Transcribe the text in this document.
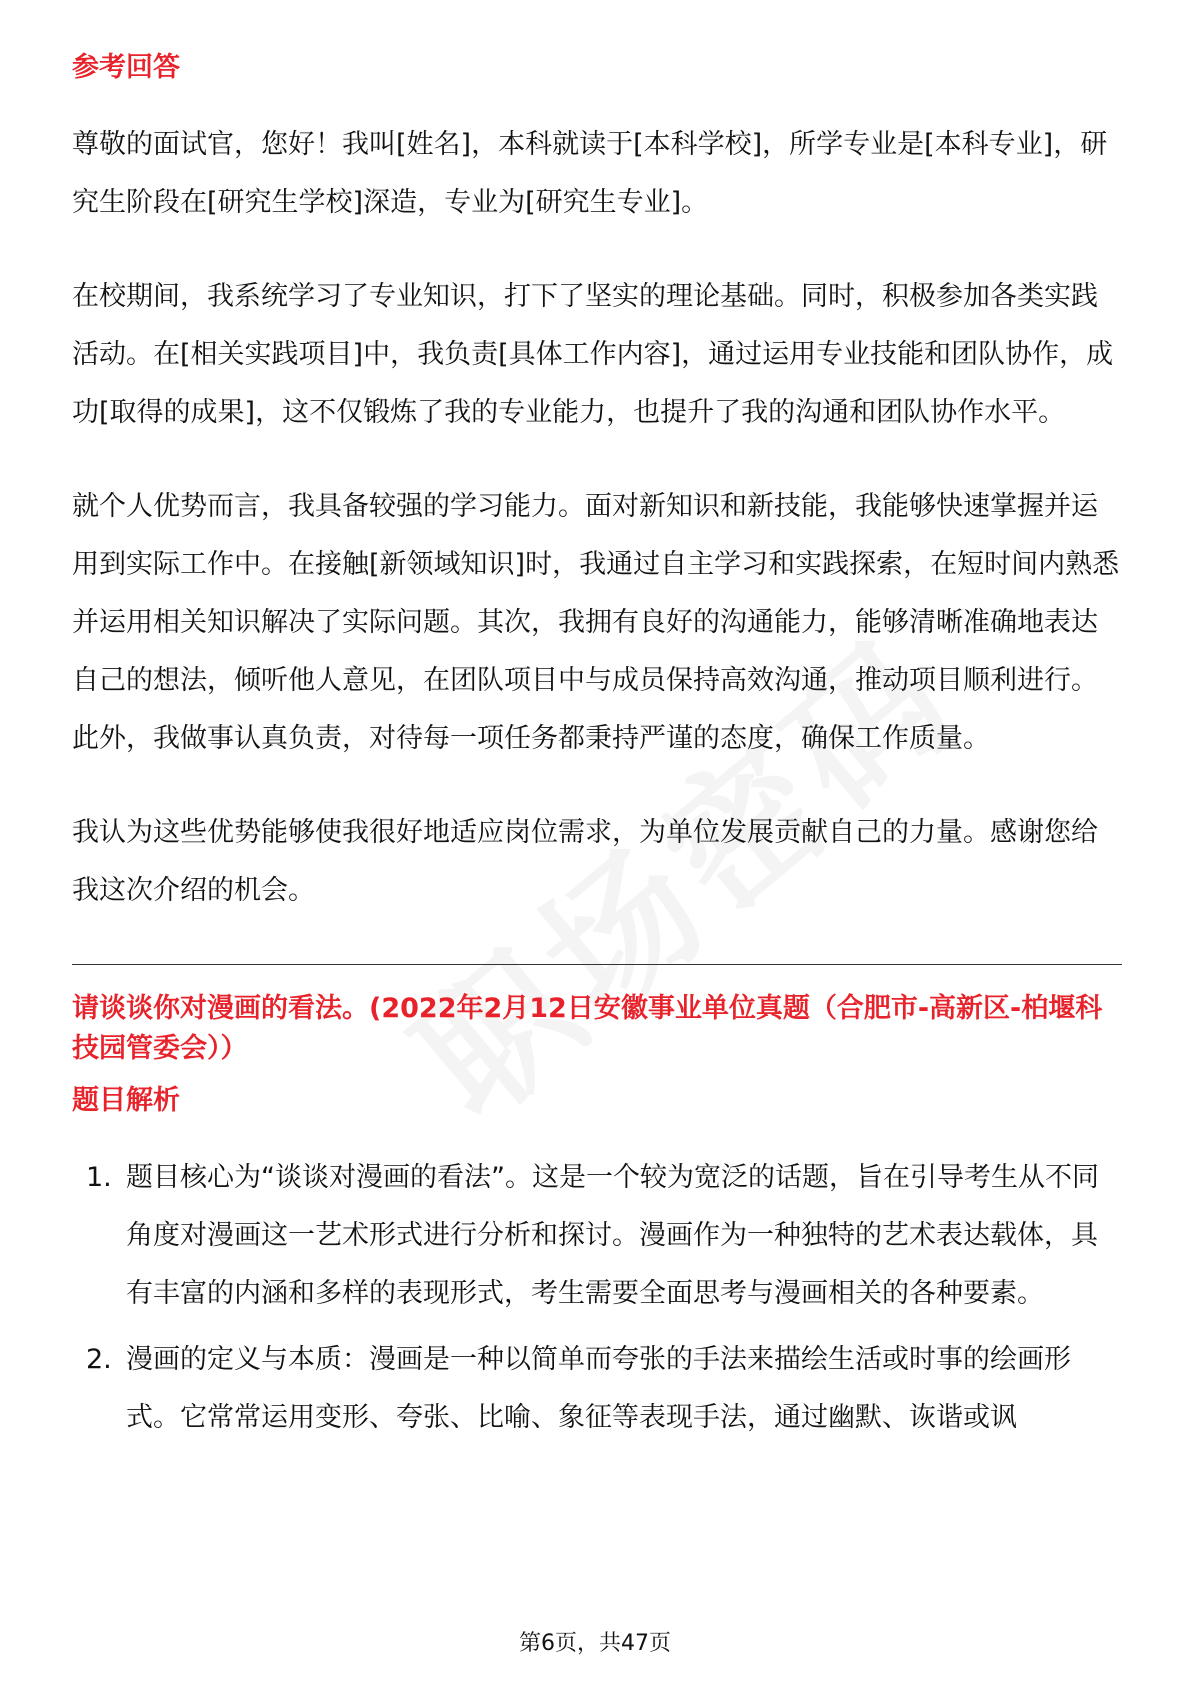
参考回答

尊敬的面试官，您好！我叫[姓名]，本科就读于[本科学校]，所学专业是[本科专业]，研究生阶段在[研究生学校]深造，专业为[研究生专业]。

在校期间，我系统学习了专业知识，打下了坚实的理论基础。同时，积极参加各类实践活动。在[相关实践项目]中，我负责[具体工作内容]，通过运用专业技能和团队协作，成功[取得的成果]，这不仅锻炼了我的专业能力，也提升了我的沟通和团队协作水平。

就个人优势而言，我具备较强的学习能力。面对新知识和新技能，我能够快速掌握并运用到实际工作中。在接触[新领域知识]时，我通过自主学习和实践探索，在短时间内熟悉并运用相关知识解决了实际问题。其次，我拥有良好的沟通能力，能够清晰准确地表达自己的想法，倾听他人意见，在团队项目中与成员保持高效沟通，推动项目顺利进行。此外，我做事认真负责，对待每一项任务都秉持严谨的态度，确保工作质量。

我认为这些优势能够使我很好地适应岗位需求，为单位发展贡献自己的力量。感谢您给我这次介绍的机会。

请谈谈你对漫画的看法。(2022年2月12日安徽事业单位真题（合肥市-高新区-柏堰科技园管委会））
题目解析
1. 题目核心为“谈谈对漫画的看法”。这是一个较为宽泛的话题，旨在引导考生从不同角度对漫画这一艺术形式进行分析和探讨。漫画作为一种独特的艺术表达载体，具有丰富的内涵和多样的表现形式，考生需要全面思考与漫画相关的各种要素。
2. 漫画的定义与本质：漫画是一种以简单而夸张的手法来描绘生活或时事的绘画形式。它常常运用变形、夸张、比喻、象征等表现手法，通过幽默、诙谐或讽
第6页，共47页
